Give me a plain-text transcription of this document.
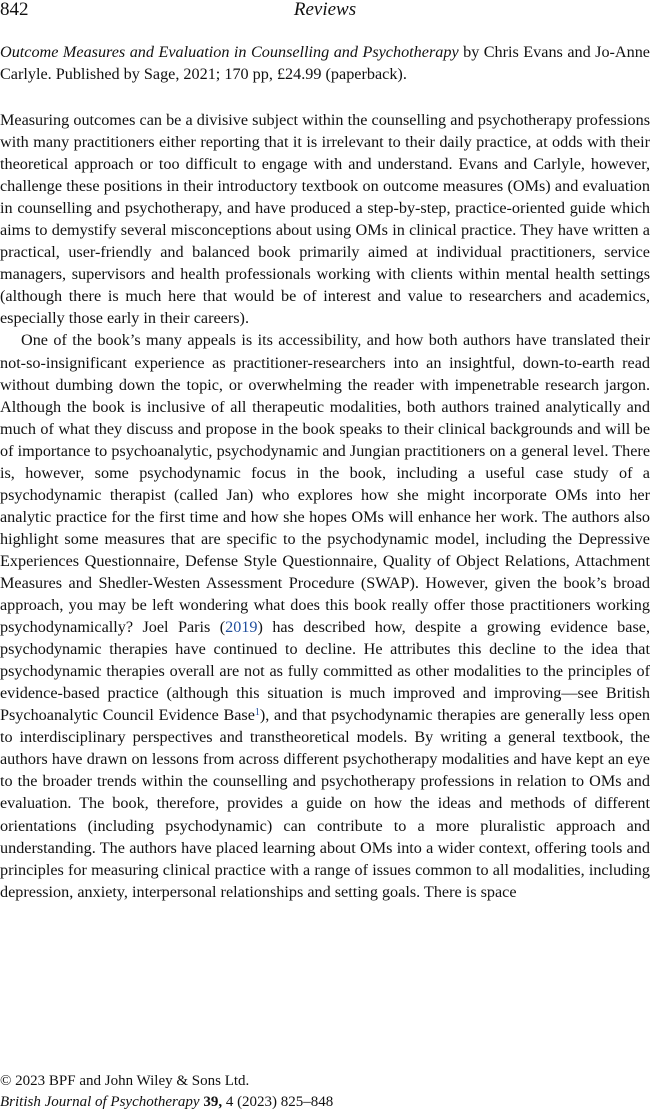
842	Reviews
Outcome Measures and Evaluation in Counselling and Psychotherapy by Chris Evans and Jo-Anne Carlyle. Published by Sage, 2021; 170 pp, £24.99 (paperback).

Measuring outcomes can be a divisive subject within the counselling and psychotherapy professions with many practitioners either reporting that it is irrelevant to their daily practice, at odds with their theoretical approach or too difficult to engage with and understand. Evans and Carlyle, however, challenge these positions in their introductory textbook on outcome measures (OMs) and evaluation in counselling and psychotherapy, and have produced a step-by-step, practice-oriented guide which aims to demystify several misconceptions about using OMs in clinical practice. They have written a practical, user-friendly and balanced book primarily aimed at individual practitioners, service managers, supervisors and health professionals working with clients within mental health settings (although there is much here that would be of interest and value to researchers and academics, especially those early in their careers).

One of the book’s many appeals is its accessibility, and how both authors have translated their not-so-insignificant experience as practitioner-researchers into an insightful, down-to-earth read without dumbing down the topic, or overwhelming the reader with impenetrable research jargon. Although the book is inclusive of all therapeutic modalities, both authors trained analytically and much of what they discuss and propose in the book speaks to their clinical backgrounds and will be of importance to psychoanalytic, psychodynamic and Jungian practitioners on a general level. There is, however, some psychodynamic focus in the book, including a useful case study of a psychodynamic therapist (called Jan) who explores how she might incorporate OMs into her analytic practice for the first time and how she hopes OMs will enhance her work. The authors also highlight some measures that are specific to the psychodynamic model, including the Depressive Experiences Questionnaire, Defense Style Questionnaire, Quality of Object Relations, Attachment Measures and Shedler-Westen Assessment Procedure (SWAP). However, given the book’s broad approach, you may be left wondering what does this book really offer those practitioners working psychodynamically? Joel Paris (2019) has described how, despite a growing evidence base, psychodynamic therapies have continued to decline. He attributes this decline to the idea that psychodynamic therapies overall are not as fully committed as other modalities to the principles of evidence-based practice (although this situation is much improved and improving—see British Psychoanalytic Council Evidence Base$^1$), and that psychodynamic therapies are generally less open to interdisciplinary perspectives and transtheoretical models. By writing a general textbook, the authors have drawn on lessons from across different psychotherapy modalities and have kept an eye to the broader trends within the counselling and psychotherapy professions in relation to OMs and evaluation. The book, therefore, provides a guide on how the ideas and methods of different orientations (including psychodynamic) can contribute to a more pluralistic approach and understanding. The authors have placed learning about OMs into a wider context, offering tools and principles for measuring clinical practice with a range of issues common to all modalities, including depression, anxiety, interpersonal relationships and setting goals. There is space

© 2023 BPF and John Wiley & Sons Ltd.
British Journal of Psychotherapy 39, 4 (2023) 825–848
